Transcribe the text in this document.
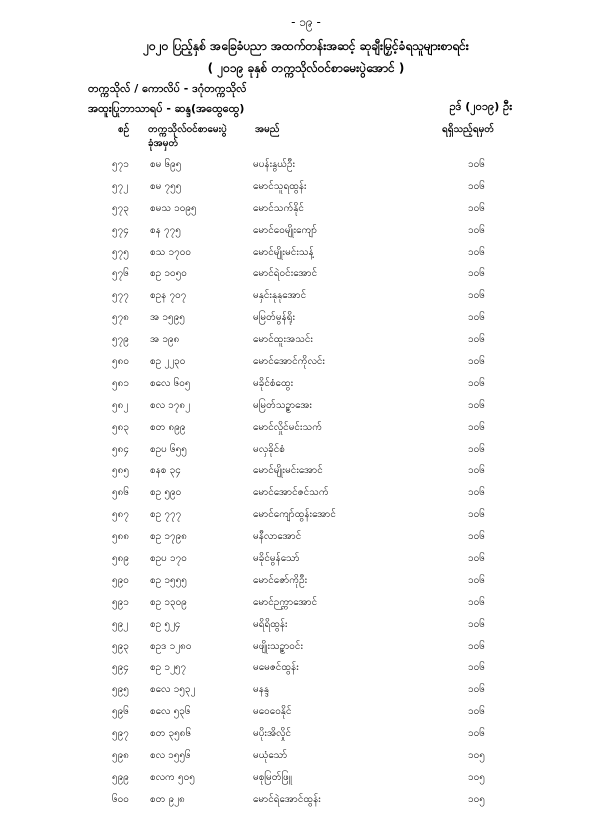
- ၁၉ -
၂၀၂၀ ပြည့်နှစ် အခြေခံပညာ အထက်တန်းအဆင့် ဆုချီးမြှင့်ခံရသူများစာရင်း
( ၂၀၁၉ ခုနှစ် တက္ကသိုလ်ဝင်စာမေးပွဲအောင် )
တက္ကသိုလ် / ကောလိပ် - ဒဂုံတက္ကသိုလ်
အထူးပြုဘာသာရပ် - ဆန္ဒ(အထွေထွေ)	ဥဒ် (၂၀၁၉) ဦး
စဉ် တက္ကသိုလ်ဝင်စာမေးပွဲ
ခုံအမှတ်
အမည်	ရရှိသည့်ရမှတ်
၅၇၁ စမ ၆၉၅	မပန်းနွယ်ဦး	၁၀၆
၅၇၂ စမ ၇၅၅	မောင်သူရထွန်း	၁၀၆
၅၇၃ စမသ ၁၀၉၅	မောင်သက်နိုင်	၁၀၆
၅၇၄ စန ၇၇၅	မောင်ဝေမျိုးကျော်	၁၀၆
၅၇၅ စသ ၁၇၀၀	မောင်မျိုးမင်းသန့်	၁၀၆
၅၇၆ စဥ ၁၀၅၀	မောင်ရဲဝင်းအောင်	၁၀၆
၅၇၇ စဥန ၇၀၇	မနှင်းနုနုအောင်	၁၀၆
၅၇၈ အ ၁၅၉၅	မမြတ်မွန်ရိုး	၁၀၆
၅၇၉ အ ၁၉၈	မောင်ထူးအသင်း	၁၀၆
၅၈၀ စဥ ၂၂၃၀	မောင်အောင်ကိုလင်း	၁၀၆
၅၈၁ စလေ ၆၀၅	မခိုင်စံထွေး	၁၀၆
၅၈၂ စလ ၁၇၈၂	မမြတ်သဉ္စာအေး	၁၀၆
၅၈၃ စတ ၈၉၉	မောင်လှိုင်မင်းသက်	၁၀၆
၅၈၄ စဥပ ၆၅၅	မလှခိုင်စံ	၁၀၆
၅၈၅ စနစ ၃၄	မောင်မျိုးမင်းအောင်	၁၀၆
၅၈၆ စဥ ၅၉၀	မောင်အောင်ဇင်သက်	၁၀၆
၅၈၇ စဥ ၇၇၇	မောင်ကျော်ထွန်းအောင်	၁၀၆
၅၈၈ စဥ ၁၇၉၈	မနီလာအောင်	၁၀၆
၅၈၉ စဥပ ၁၇၀	မခိုင်မွန်သော်	၁၀၆
၅၉၀ စဥ ၁၅၅၅	မောင်ဇော်ကိုဦး	၁၀၆
၅၉၁ စဥ ၁၃၀၉	မောင်ဉက္ကာအောင်	၁၀၆
၅၉၂ စဥ ၅၂၄	မရိရိထွန်း	၁၀၆
၅၉၃ စဥဒ ၁၂၈၀	မဖျိုးသဉ္စာဝင်း	၁၀၆
၅၉၄ စဥ ၁၂၅၇	မမေဇင်ထွန်း	၁၀၆
၅၉၅ စလေ ၁၅၃၂	မနန္ဒ	၁၀၆
၅၉၆ စလေ ၅၃၆	မဝေဝေနိုင်	၁၀၆
၅၉၇ စတ ၃၅၈၆	မပိုးအိလှိုင်	၁၀၆
၅၉၈ စလ ၁၅၅၆	မယုံသော်	၁၀၅
၅၉၉ စလက ၅၀၅	မစုမြတ်ဖြူ	၁၀၅
၆၀၀ စတ ၉၂၈	မောင်ရဲအောင်ထွန်း	၁၀၅
